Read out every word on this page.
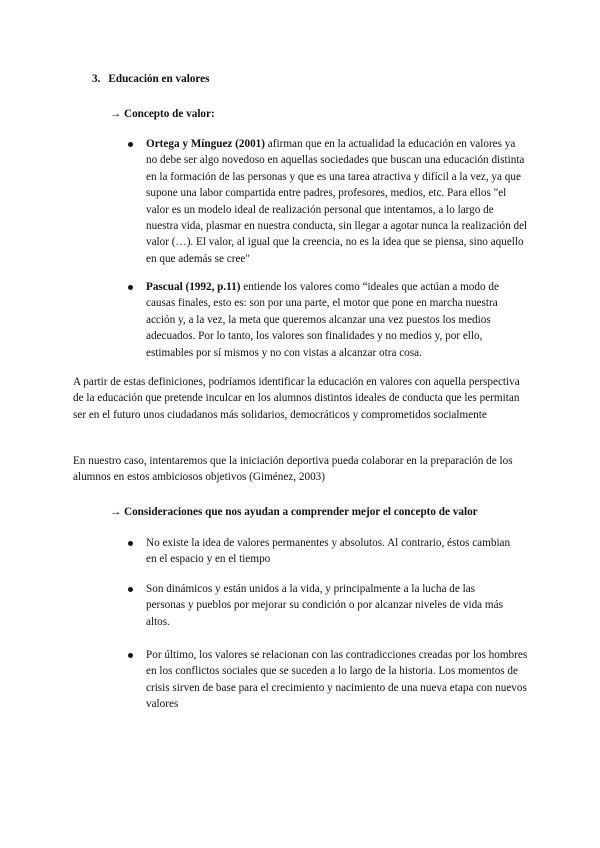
3. Educación en valores
→ Concepto de valor:
Ortega y Mínguez (2001) afirman que en la actualidad la educación en valores ya no debe ser algo novedoso en aquellas sociedades que buscan una educación distinta en la formación de las personas y que es una tarea atractiva y difícil a la vez, ya que supone una labor compartida entre padres, profesores, medios, etc. Para ellos "el valor es un modelo ideal de realización personal que intentamos, a lo largo de nuestra vida, plasmar en nuestra conducta, sin llegar a agotar nunca la realización del valor (…). El valor, al igual que la creencia, no es la idea que se piensa, sino aquello en que además se cree"
Pascual (1992, p.11) entiende los valores como “ideales que actúan a modo de causas finales, esto es: son por una parte, el motor que pone en marcha nuestra acción y, a la vez, la meta que queremos alcanzar una vez puestos los medios adecuados. Por lo tanto, los valores son finalidades y no medios y, por ello, estimables por sí mismos y no con vistas a alcanzar otra cosa.
A partir de estas definiciones, podríamos identificar la educación en valores con aquella perspectiva de la educación que pretende inculcar en los alumnos distintos ideales de conducta que les permitan ser en el futuro unos ciudadanos más solidarios, democráticos y comprometidos socialmente
En nuestro caso, intentaremos que la iniciación deportiva pueda colaborar en la preparación de los alumnos en estos ambiciosos objetivos (Giménez, 2003)
→ Consideraciones que nos ayudan a comprender mejor el concepto de valor
No existe la idea de valores permanentes y absolutos. Al contrario, éstos cambian en el espacio y en el tiempo
Son dinámicos y están unidos a la vida, y principalmente a la lucha de las personas y pueblos por mejorar su condición o por alcanzar niveles de vida más altos.
Por último, los valores se relacionan con las contradicciones creadas por los hombres en los conflictos sociales que se suceden a lo largo de la historia. Los momentos de crisis sirven de base para el crecimiento y nacimiento de una nueva etapa con nuevos valores
